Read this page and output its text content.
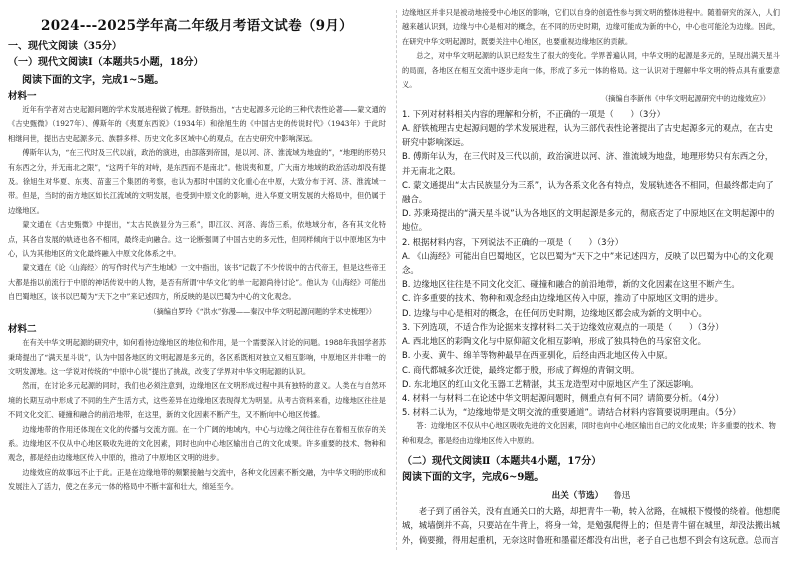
2024---2025学年高二年级月考语文试卷（9月）
一、现代文阅读（35分）
（一）现代文阅读Ⅰ（本题共5小题，18分）
阅读下面的文字，完成1~5题。
材料一

近年有学者对古史起源问题的学术发展进程做了梳理。舒铁指出，“古史起源多元论的三种代表性论著——蒙文通的《古史甄微》（1927年）、傅斯年的《夷夏东西说》（1934年）和徐旭生的《中国古史的传说时代》（1943年）于此时相继问世，提出古史起源多元、族群多样、历史文化多区域中心的观点，在古史研究中影响深远。

傅斯年认为，“在三代时及三代以前，政治的演进，由部落到帝国，是以河、济、淮流域为地盘的”，“地理的形势只有东西之分，并无南北之限”，“这两千年的对峙，是东西而不是南北”。他说夷和夏，广大南方地域的政治活动却没有提及。徐旭生对华夏、东夷、苗蛮三个集团的考察，也认为那时中国的文化重心在中原，大致分布于河、济、淮流域一带。但是，当时的南方地区如长江流域的文明发展，也受到中原文化的影响，进入华夏文明发展的大格局中，但仍属于边缘地区。

蒙文通在《古史甄微》中提出，“太古民族显分为三系”，即江汉、河洛、海岱三系，依地域分布，各有其文化特点，其各自发展的轨迹也各不相同，最终走向融合。这一论断强调了中国古史的多元性，但同样倾向于以中原地区为中心，认为其他地区的文化最终融入中原文化体系之中。

蒙文通在《论〈山海经〉的写作时代与产生地域》一文中指出，该书“记载了不少传说中的古代帝王，但是这些帝王大都是指以前流行于中原的神话传说中的人物，是否有所谓‘中华文化’的单一起源尚待讨论”。他认为《山海经》可能出自巴蜀地区，该书以巴蜀为“天下之中”来记述四方，所反映的是以巴蜀为中心的文化观念。

（摘编自罗玲《“洪水”弥漫——秦汉中华文明起源问题的学术史梳理》）

材料二

在有关中华文明起源的研究中，如何看待边缘地区的地位和作用，是一个需要深入讨论的问题。1988年我国学者苏秉琦提出了“满天星斗说”，认为中国各地区的文明起源是多元的，各区系既相对独立又相互影响，中原地区并非唯一的文明发源地。这一学说对传统的“中原中心说”提出了挑战，改变了学界对中华文明起源的认识。

然而，在讨论多元起源的同时，我们也必须注意到，边缘地区在文明形成过程中具有独特的意义。人类在与自然环境的长期互动中形成了不同的生产生活方式，这些差异在边缘地区表现得尤为明显。从考古资料来看，边缘地区往往是不同文化交汇、碰撞和融合的前沿地带，在这里，新的文化因素不断产生，又不断向中心地区传播。

边缘地带的作用还体现在文化的传播与交流方面。在一个广阔的地域内，中心与边缘之间往往存在着相互依存的关系。边缘地区不仅从中心地区吸收先进的文化因素，同时也向中心地区输出自己的文化成果。许多重要的技术、物种和观念，都是经由边缘地区传入中原的，推动了中原地区文明的进步。

边缘效应的故事远不止于此。正是在边缘地带的频繁接触与交流中，各种文化因素不断交融，为中华文明的形成和发展注入了活力，使之在多元一体的格局中不断丰富和壮大，绵延至今。

边缘地区并非只是被动地接受中心地区的影响，它们以自身的创造性参与到文明的整体进程中。随着研究的深入，人们越来越认识到，边缘与中心是相对的概念，在不同的历史时期，边缘可能成为新的中心，中心也可能沦为边缘。因此，在研究中华文明起源时，既要关注中心地区，也要重视边缘地区的贡献。

总之，对中华文明起源的认识已经发生了很大的变化。学界普遍认同，中华文明的起源是多元的，呈现出满天星斗的局面，各地区在相互交流中逐步走向一体，形成了多元一体的格局。这一认识对于理解中华文明的特点具有重要意义。

（摘编自李新伟《中华文明起源研究中的边缘效应》）

1. 下列对材料相关内容的理解和分析，不正确的一项是（　　）（3分）

A. 舒铁梳理古史起源问题的学术发展进程，认为三部代表性论著提出了古史起源多元的观点，在古史研究中影响深远。

B. 傅斯年认为，在三代时及三代以前，政治演进以河、济、淮流域为地盘，地理形势只有东西之分，并无南北之限。

C. 蒙文通提出“太古民族显分为三系”，认为各系文化各有特点，发展轨迹各不相同，但最终都走向了融合。

D. 苏秉琦提出的“满天星斗说”认为各地区的文明起源是多元的，彻底否定了中原地区在文明起源中的地位。

2. 根据材料内容，下列说法不正确的一项是（　　）（3分）

A. 《山海经》可能出自巴蜀地区，它以巴蜀为“天下之中”来记述四方，反映了以巴蜀为中心的文化观念。

B. 边缘地区往往是不同文化交汇、碰撞和融合的前沿地带，新的文化因素在这里不断产生。

C. 许多重要的技术、物种和观念经由边缘地区传入中原，推动了中原地区文明的进步。

D. 边缘与中心是相对的概念，在任何历史时期，边缘地区都会成为新的文明中心。

3. 下列选项，不适合作为论据来支撑材料二关于边缘效应观点的一项是（　　）（3分）

A. 西北地区的彩陶文化与中原仰韶文化相互影响，形成了独具特色的马家窑文化。

B. 小麦、黄牛、绵羊等物种最早在西亚驯化，后经由西北地区传入中原。

C. 商代都城多次迁徙，最终定都于殷，形成了辉煌的青铜文明。

D. 东北地区的红山文化玉器工艺精湛，其玉龙造型对中原地区产生了深远影响。

4. 材料一与材料二在论述中华文明起源问题时，侧重点有何不同？请简要分析。（4分）

5. 材料二认为，“边缘地带是文明交流的重要通道”。请结合材料内容简要说明理由。（5分）

答：边缘地区不仅从中心地区吸收先进的文化因素，同时也向中心地区输出自己的文化成果；许多重要的技术、物种和观念，都是经由边缘地区传入中原的。

（二）现代文阅读Ⅱ（本题共4小题，17分）
阅读下面的文字，完成6~9题。
出关（节选） 鲁迅

老子到了函谷关，没有直通关口的大路，却把青牛一勒，转入岔路，在城根下慢慢的绕着。他想爬城，城墙倒并不高，只要站在牛背上，将身一耸，是勉强爬得上的；但是青牛留在城里，却没法搬出城外，倘要搬，得用起重机，无奈这时鲁班和墨翟还都没有出世，老子自己也想不到会有这玩意。总而言
